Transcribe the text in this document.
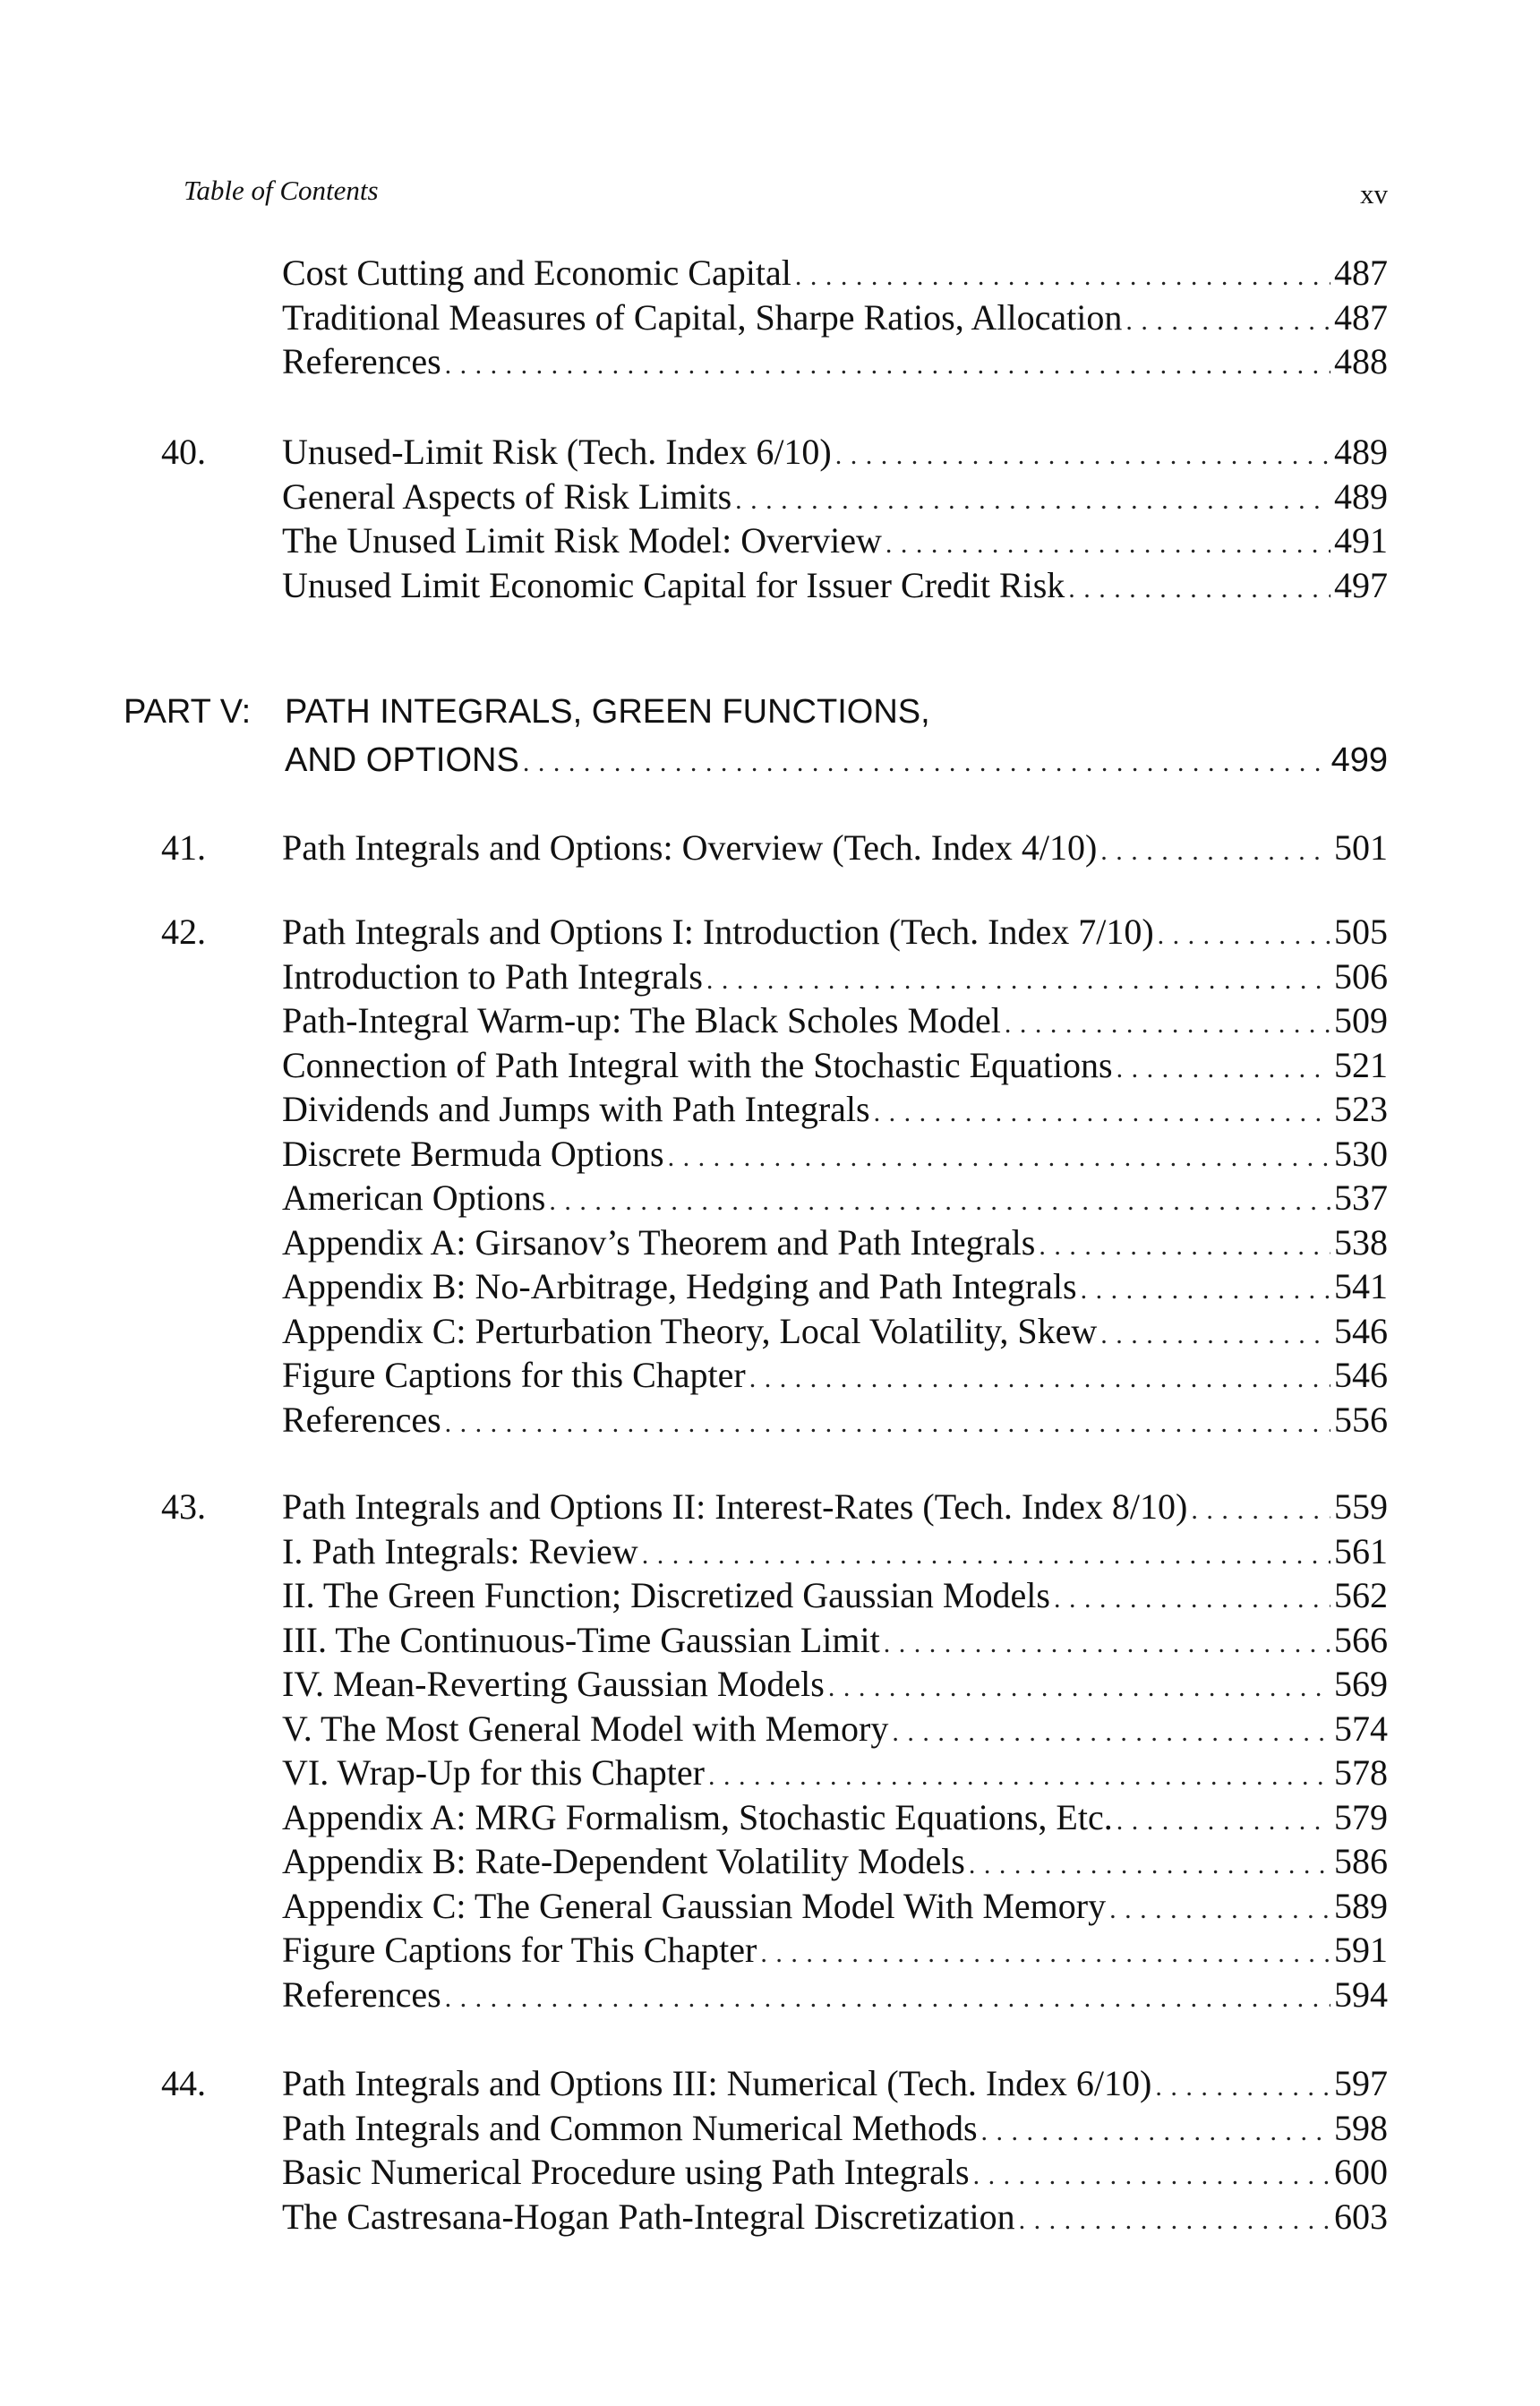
Table of Contents	xv
Cost Cutting and Economic Capital . . .	487
Traditional Measures of Capital, Sharpe Ratios, Allocation . . .	487
References . . .	488
40. Unused-Limit Risk (Tech. Index 6/10) . . .	489
General Aspects of Risk Limits . . .	489
The Unused Limit Risk Model: Overview . . .	491
Unused Limit Economic Capital for Issuer Credit Risk . . .	497
PART V: PATH INTEGRALS, GREEN FUNCTIONS,
AND OPTIONS . . .	499
41. Path Integrals and Options: Overview (Tech. Index 4/10) . . .	501
42. Path Integrals and Options I: Introduction (Tech. Index 7/10) . . .	505
Introduction to Path Integrals . . .	506
Path-Integral Warm-up: The Black Scholes Model . . .	509
Connection of Path Integral with the Stochastic Equations . . .	521
Dividends and Jumps with Path Integrals . . .	523
Discrete Bermuda Options . . .	530
American Options . . .	537
Appendix A: Girsanov’s Theorem and Path Integrals . . .	538
Appendix B: No-Arbitrage, Hedging and Path Integrals . . .	541
Appendix C: Perturbation Theory, Local Volatility, Skew . . .	546
Figure Captions for this Chapter . . .	546
References . . .	556
43. Path Integrals and Options II: Interest-Rates (Tech. Index 8/10) . . .	559
I. Path Integrals: Review . . .	561
II. The Green Function; Discretized Gaussian Models . . .	562
III. The Continuous-Time Gaussian Limit . . .	566
IV. Mean-Reverting Gaussian Models . . .	569
V. The Most General Model with Memory . . .	574
VI. Wrap-Up for this Chapter . . .	578
Appendix A: MRG Formalism, Stochastic Equations, Etc. . . .	579
Appendix B: Rate-Dependent Volatility Models . . .	586
Appendix C: The General Gaussian Model With Memory . . .	589
Figure Captions for This Chapter . . .	591
References . . .	594
44. Path Integrals and Options III: Numerical (Tech. Index 6/10) . . .	597
Path Integrals and Common Numerical Methods . . .	598
Basic Numerical Procedure using Path Integrals . . .	600
The Castresana-Hogan Path-Integral Discretization . . .	603
